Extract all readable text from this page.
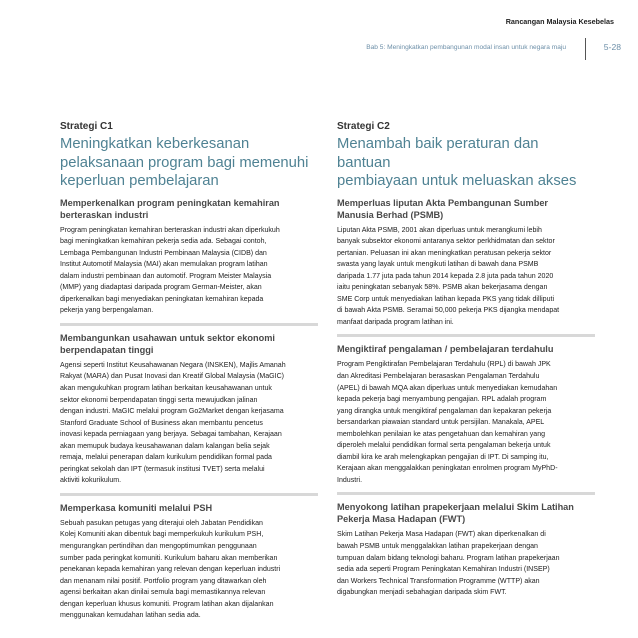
Rancangan Malaysia Kesebelas
Bab 5: Meningkatkan pembangunan modal insan untuk negara maju	5-28
Strategi C1
Meningkatkan keberkesanan
pelaksanaan program bagi memenuhi
keperluan pembelajaran
Memperkenalkan program peningkatan kemahiran
berteraskan industri

Program peningkatan kemahiran berteraskan industri akan diperkukuh
bagi meningkatkan kemahiran pekerja sedia ada. Sebagai contoh,
Lembaga Pembangunan Industri Pembinaan Malaysia (CIDB) dan
Institut Automotif Malaysia (MAI) akan memulakan program latihan
dalam industri pembinaan dan automotif. Program Meister Malaysia
(MMP) yang diadaptasi daripada program German-Meister, akan
diperkenalkan bagi menyediakan peningkatan kemahiran kepada
pekerja yang berpengalaman.

Membangunkan usahawan untuk sektor ekonomi
berpendapatan tinggi

Agensi seperti Institut Keusahawanan Negara (INSKEN), Majlis Amanah
Rakyat (MARA) dan Pusat Inovasi dan Kreatif Global Malaysia (MaGIC)
akan mengukuhkan program latihan berkaitan keusahawanan untuk
sektor ekonomi berpendapatan tinggi serta mewujudkan jalinan
dengan industri. MaGIC melalui program Go2Market dengan kerjasama
Stanford Graduate School of Business akan membantu pencetus
inovasi kepada perniagaan yang berjaya. Sebagai tambahan, Kerajaan
akan memupuk budaya keusahawanan dalam kalangan belia sejak
remaja, melalui penerapan dalam kurikulum pendidikan formal pada
peringkat sekolah dan IPT (termasuk institusi TVET) serta melalui
aktiviti kokurikulum.

Memperkasa komuniti melalui PSH

Sebuah pasukan petugas yang diterajui oleh Jabatan Pendidikan
Kolej Komuniti akan dibentuk bagi memperkukuh kurikulum PSH,
mengurangkan pertindihan dan mengoptimumkan penggunaan
sumber pada peringkat komuniti. Kurikulum baharu akan memberikan
penekanan kepada kemahiran yang relevan dengan keperluan industri
dan menanam nilai positif. Portfolio program yang ditawarkan oleh
agensi berkaitan akan dinilai semula bagi memastikannya relevan
dengan keperluan khusus komuniti. Program latihan akan dijalankan
menggunakan kemudahan latihan sedia ada.

Strategi C2
Menambah baik peraturan dan bantuan
pembiayaan untuk meluaskan akses
Memperluas liputan Akta Pembangunan Sumber
Manusia Berhad (PSMB)

Liputan Akta PSMB, 2001 akan diperluas untuk merangkumi lebih
banyak subsektor ekonomi antaranya sektor perkhidmatan dan sektor
pertanian. Peluasan ini akan meningkatkan peratusan pekerja sektor
swasta yang layak untuk mengikuti latihan di bawah dana PSMB
daripada 1.77 juta pada tahun 2014 kepada 2.8 juta pada tahun 2020
iaitu peningkatan sebanyak 58%. PSMB akan bekerjasama dengan
SME Corp untuk menyediakan latihan kepada PKS yang tidak dilliputi
di bawah Akta PSMB. Seramai 50,000 pekerja PKS dijangka mendapat
manfaat daripada program latihan ini.

Mengiktiraf pengalaman / pembelajaran terdahulu

Program Pengiktirafan Pembelajaran Terdahulu (RPL) di bawah JPK
dan Akreditasi Pembelajaran berasaskan Pengalaman Terdahulu
(APEL) di bawah MQA akan diperluas untuk menyediakan kemudahan
kepada pekerja bagi menyambung pengajian. RPL adalah program
yang dirangka untuk mengiktiraf pengalaman dan kepakaran pekerja
bersandarkan piawaian standard untuk persijilan. Manakala, APEL
membolehkan penilaian ke atas pengetahuan dan kemahiran yang
diperoleh melalui pendidikan formal serta pengalaman bekerja untuk
diambil kira ke arah melengkapkan pengajian di IPT. Di samping itu,
Kerajaan akan menggalakkan peningkatan enrolmen program MyPhD-
Industri.

Menyokong latihan prapekerjaan melalui Skim Latihan
Pekerja Masa Hadapan (FWT)

Skim Latihan Pekerja Masa Hadapan (FWT) akan diperkenalkan di
bawah PSMB untuk menggalakkan latihan prapekerjaan dengan
tumpuan dalam bidang teknologi baharu. Program latihan prapekerjaan
sedia ada seperti Program Peningkatan Kemahiran Industri (INSEP)
dan Workers Technical Transformation Programme (WTTP) akan
digabungkan menjadi sebahagian daripada skim FWT.
